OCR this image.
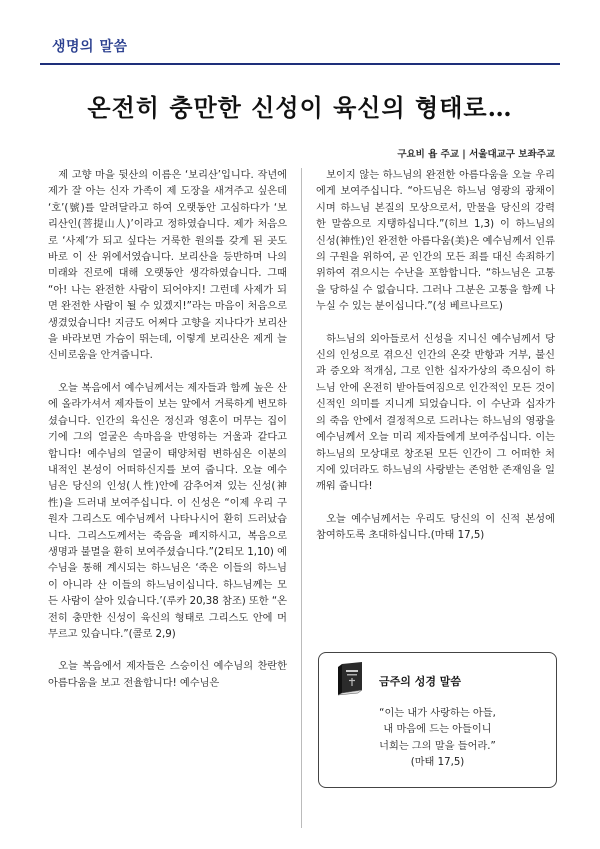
생명의 말씀
온전히 충만한 신성이 육신의 형태로…
구요비 욥 주교 | 서울대교구 보좌주교

제 고향 마을 뒷산의 이름은 ‘보리산’입니다. 작년에 제가 잘 아는 신자 가족이 제 도장을 새겨주고 싶은데 ‘호’(號)를 알려달라고 하여 오랫동안 고심하다가 ‘보리산인(菩提山人)’이라고 정하였습니다. 제가 처음으로 ‘사제’가 되고 싶다는 거룩한 원의를 갖게 된 곳도 바로 이 산 위에서였습니다. 보리산을 등반하며 나의 미래와 진로에 대해 오랫동안 생각하였습니다. 그때 “아! 나는 완전한 사람이 되어야지! 그런데 사제가 되면 완전한 사람이 될 수 있겠지!”라는 마음이 처음으로 생겼었습니다! 지금도 어쩌다 고향을 지나다가 보리산을 바라보면 가슴이 뛰는데, 이렇게 보리산은 제게 늘 신비로움을 안겨줍니다.

오늘 복음에서 예수님께서는 제자들과 함께 높은 산에 올라가셔서 제자들이 보는 앞에서 거룩하게 변모하셨습니다. 인간의 육신은 정신과 영혼이 머무는 집이기에 그의 얼굴은 속마음을 반영하는 거울과 같다고 합니다! 예수님의 얼굴이 태양처럼 변하심은 이분의 내적인 본성이 어떠하신지를 보여 줍니다. 오늘 예수님은 당신의 인성(人性)안에 감추어져 있는 신성(神性)을 드러내 보여주십니다. 이 신성은 “이제 우리 구원자 그리스도 예수님께서 나타나시어 환히 드러났습니다. 그리스도께서는 죽음을 폐지하시고, 복음으로 생명과 불멸을 환히 보여주셨습니다.”(2티모 1,10) 예수님을 통해 계시되는 하느님은 ‘죽은 이들의 하느님이 아니라 산 이들의 하느님이십니다. 하느님께는 모든 사람이 살아 있습니다.’(루카 20,38 참조) 또한 “온전히 충만한 신성이 육신의 형태로 그리스도 안에 머무르고 있습니다.”(콜로 2,9)

오늘 복음에서 제자들은 스승이신 예수님의 찬란한 아름다움을 보고 전율합니다! 예수님은

보이지 않는 하느님의 완전한 아름다움을 오늘 우리에게 보여주십니다. “아드님은 하느님 영광의 광채이시며 하느님 본질의 모상으로서, 만물을 당신의 강력한 말씀으로 지탱하십니다.”(히브 1,3) 이 하느님의 신성(神性)인 완전한 아름다움(美)은 예수님께서 인류의 구원을 위하여, 곧 인간의 모든 죄를 대신 속죄하기 위하여 겪으시는 수난을 포함합니다. “하느님은 고통을 당하실 수 없습니다. 그러나 그분은 고통을 함께 나누실 수 있는 분이십니다.”(성 베르나르도)

하느님의 외아들로서 신성을 지니신 예수님께서 당신의 인성으로 겪으신 인간의 온갖 반항과 거부, 불신과 증오와 적개심, 그로 인한 십자가상의 죽으심이 하느님 안에 온전히 받아들여짐으로 인간적인 모든 것이 신적인 의미를 지니게 되었습니다. 이 수난과 십자가의 죽음 안에서 결정적으로 드러나는 하느님의 영광을 예수님께서 오늘 미리 제자들에게 보여주십니다. 이는 하느님의 모상대로 창조된 모든 인간이 그 어떠한 처지에 있더라도 하느님의 사랑받는 존엄한 존재임을 일깨워 줍니다!

오늘 예수님께서는 우리도 당신의 이 신적 본성에 참여하도록 초대하십니다.(마태 17,5)

금주의 성경 말씀
“이는 내가 사랑하는 아들,
내 마음에 드는 아들이니
너희는 그의 말을 들어라.”
(마태 17,5)
